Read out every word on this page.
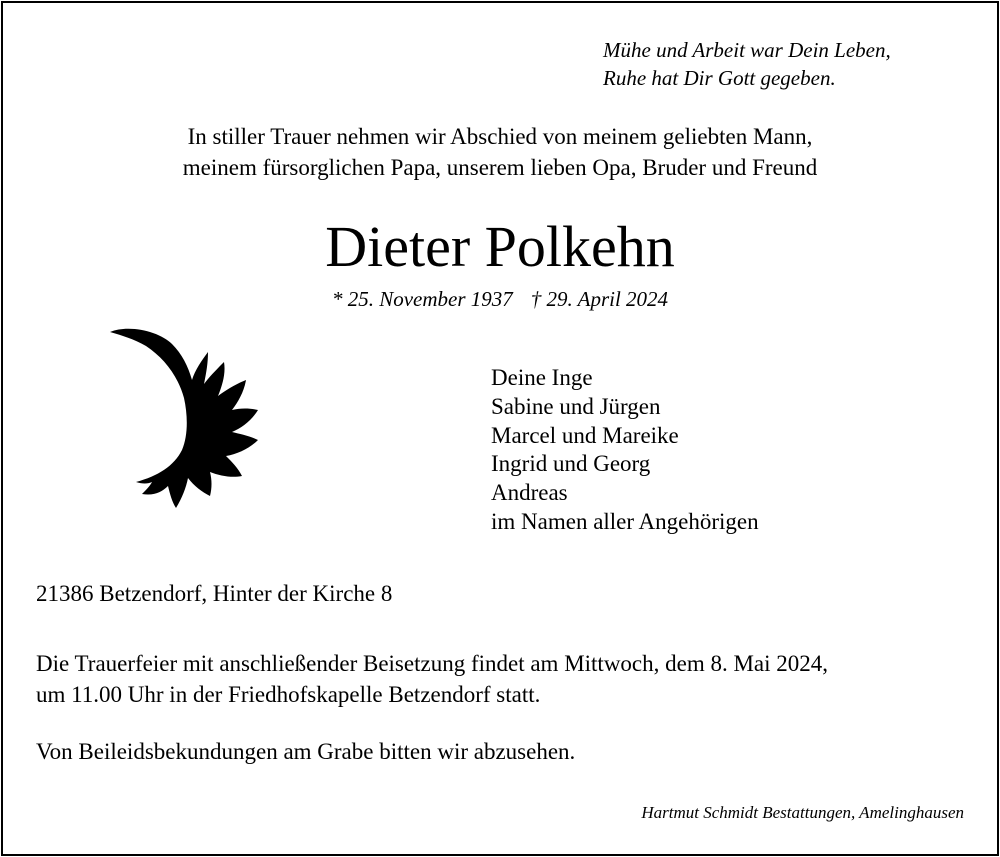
Mühe und Arbeit war Dein Leben,
Ruhe hat Dir Gott gegeben.
In stiller Trauer nehmen wir Abschied von meinem geliebten Mann,
meinem fürsorglichen Papa, unserem lieben Opa, Bruder und Freund
Dieter Polkehn
* 25. November 1937 † 29. April 2024
Deine Inge
Sabine und Jürgen
Marcel und Mareike
Ingrid und Georg
Andreas
im Namen aller Angehörigen
21386 Betzendorf, Hinter der Kirche 8
Die Trauerfeier mit anschließender Beisetzung findet am Mittwoch, dem 8. Mai 2024,
um 11.00 Uhr in der Friedhofskapelle Betzendorf statt.
Von Beileidsbekundungen am Grabe bitten wir abzusehen.
Hartmut Schmidt Bestattungen, Amelinghausen
